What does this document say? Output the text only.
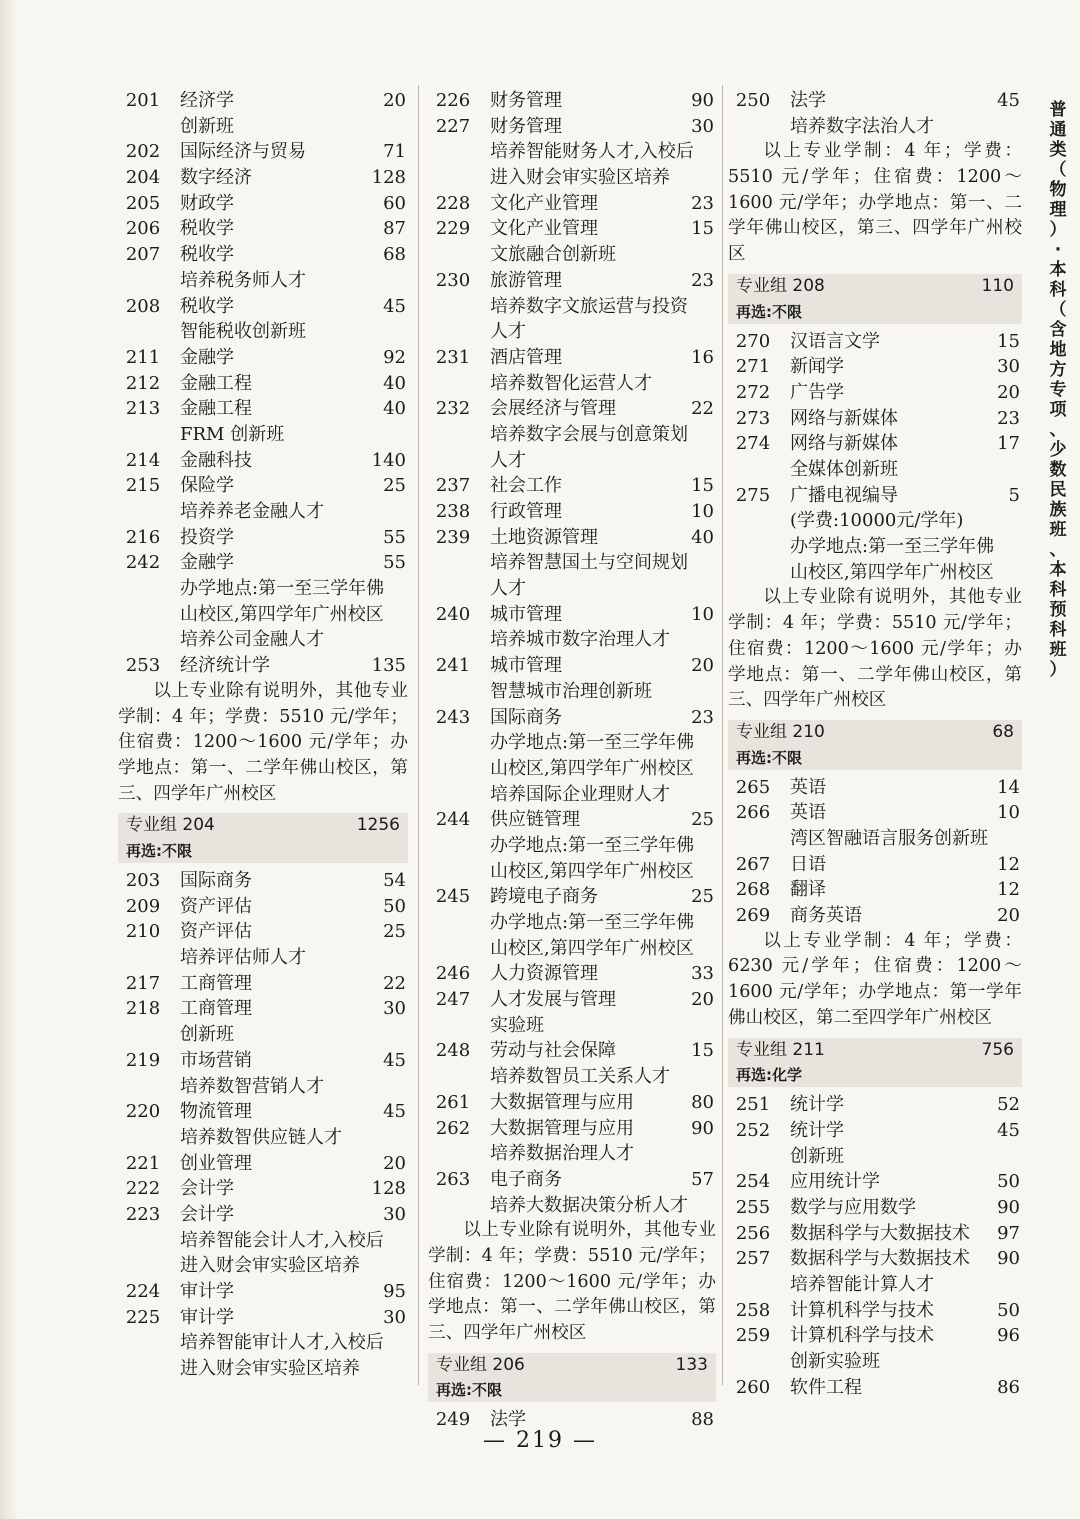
201	经济学	20
创新班
202	国际经济与贸易	71
204	数字经济	128
205	财政学	60
206	税收学	87
207	税收学	68
培养税务师人才
208	税收学	45
智能税收创新班
211	金融学	92
212	金融工程	40
213	金融工程	40
FRM 创新班
214	金融科技	140
215	保险学	25
培养养老金融人才
216	投资学	55
242	金融学	55
办学地点:第一至三学年佛
山校区,第四学年广州校区
培养公司金融人才
253	经济统计学	135
以上专业除有说明外，其他专业学制：4 年；学费：5510 元/学年；住宿费：1200～1600 元/学年；办学地点：第一、二学年佛山校区，第三、四学年广州校区
专业组 204	1256
再选:不限
203	国际商务	54
209	资产评估	50
210	资产评估	25
培养评估师人才
217	工商管理	22
218	工商管理	30
创新班
219	市场营销	45
培养数智营销人才
220	物流管理	45
培养数智供应链人才
221	创业管理	20
222	会计学	128
223	会计学	30
培养智能会计人才,入校后
进入财会审实验区培养
224	审计学	95
225	审计学	30
培养智能审计人才,入校后
进入财会审实验区培养
226	财务管理	90
227	财务管理	30
培养智能财务人才,入校后
进入财会审实验区培养
228	文化产业管理	23
229	文化产业管理	15
文旅融合创新班
230	旅游管理	23
培养数字文旅运营与投资
人才
231	酒店管理	16
培养数智化运营人才
232	会展经济与管理	22
培养数字会展与创意策划
人才
237	社会工作	15
238	行政管理	10
239	土地资源管理	40
培养智慧国土与空间规划
人才
240	城市管理	10
培养城市数字治理人才
241	城市管理	20
智慧城市治理创新班
243	国际商务	23
办学地点:第一至三学年佛
山校区,第四学年广州校区
培养国际企业理财人才
244	供应链管理	25
办学地点:第一至三学年佛
山校区,第四学年广州校区
245	跨境电子商务	25
办学地点:第一至三学年佛
山校区,第四学年广州校区
246	人力资源管理	33
247	人才发展与管理	20
实验班
248	劳动与社会保障	15
培养数智员工关系人才
261	大数据管理与应用	80
262	大数据管理与应用	90
培养数据治理人才
263	电子商务	57
培养大数据决策分析人才
以上专业除有说明外，其他专业学制：4 年；学费：5510 元/学年；住宿费：1200～1600 元/学年；办学地点：第一、二学年佛山校区，第三、四学年广州校区
专业组 206	133
再选:不限
249	法学	88
250	法学	45
培养数字法治人才
以上专业学制：4 年；学费：5510 元/学年；住宿费：1200～1600 元/学年；办学地点：第一、二学年佛山校区，第三、四学年广州校区
专业组 208	110
再选:不限
270	汉语言文学	15
271	新闻学	30
272	广告学	20
273	网络与新媒体	23
274	网络与新媒体	17
全媒体创新班
275	广播电视编导	5
(学费:10000元/学年)
办学地点:第一至三学年佛
山校区,第四学年广州校区
以上专业除有说明外，其他专业学制：4 年；学费：5510 元/学年；住宿费：1200～1600 元/学年；办学地点：第一、二学年佛山校区，第三、四学年广州校区
专业组 210	68
再选:不限
265	英语	14
266	英语	10
湾区智融语言服务创新班
267	日语	12
268	翻译	12
269	商务英语	20
以上专业学制：4 年；学费：6230 元/学年；住宿费：1200～1600 元/学年；办学地点：第一学年佛山校区，第二至四学年广州校区
专业组 211	756
再选:化学
251	统计学	52
252	统计学	45
创新班
254	应用统计学	50
255	数学与应用数学	90
256	数据科学与大数据技术	97
257	数据科学与大数据技术	90
培养智能计算人才
258	计算机科学与技术	50
259	计算机科学与技术	96
创新实验班
260	软件工程	86
普
通
类
（
物
理
）
·
本
科
（
含
地
方
专
项
、
少
数
民
族
班
、
本
科
预
科
班
）
— 219 —
